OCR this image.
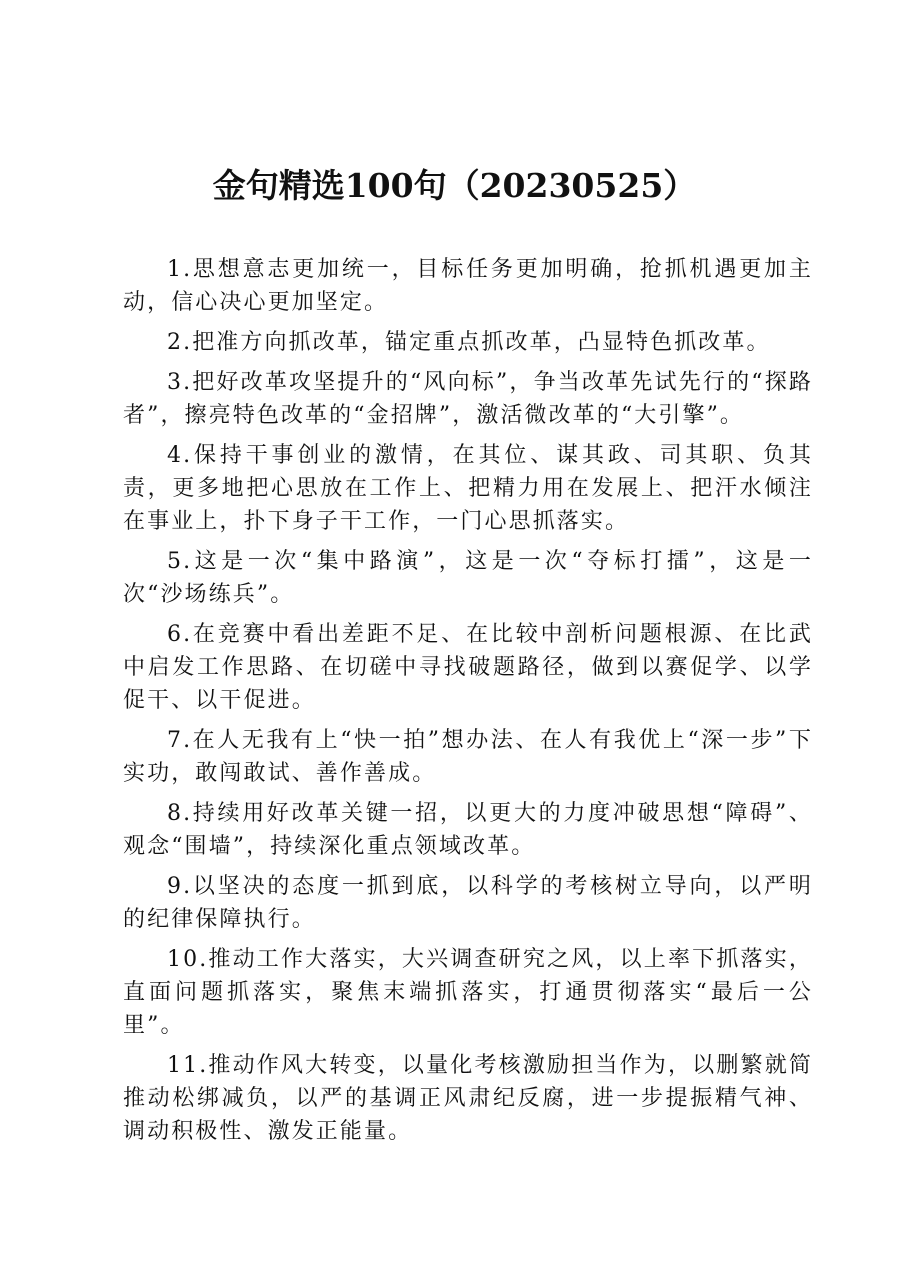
金句精选100句（20230525）

1.思想意志更加统一，目标任务更加明确，抢抓机遇更加主动，信心决心更加坚定。

2.把准方向抓改革，锚定重点抓改革，凸显特色抓改革。

3.把好改革攻坚提升的“风向标”，争当改革先试先行的“探路者”，擦亮特色改革的“金招牌”，激活微改革的“大引擎”。

4.保持干事创业的激情，在其位、谋其政、司其职、负其责，更多地把心思放在工作上、把精力用在发展上、把汗水倾注在事业上，扑下身子干工作，一门心思抓落实。

5.这是一次“集中路演”，这是一次“夺标打擂”，这是一次“沙场练兵”。

6.在竞赛中看出差距不足、在比较中剖析问题根源、在比武中启发工作思路、在切磋中寻找破题路径，做到以赛促学、以学促干、以干促进。

7.在人无我有上“快一拍”想办法、在人有我优上“深一步”下实功，敢闯敢试、善作善成。

8.持续用好改革关键一招，以更大的力度冲破思想“障碍”、观念“围墙”，持续深化重点领域改革。

9.以坚决的态度一抓到底，以科学的考核树立导向，以严明的纪律保障执行。

10.推动工作大落实，大兴调查研究之风，以上率下抓落实，直面问题抓落实，聚焦末端抓落实，打通贯彻落实“最后一公里”。

11.推动作风大转变，以量化考核激励担当作为，以删繁就简推动松绑减负，以严的基调正风肃纪反腐，进一步提振精气神、调动积极性、激发正能量。
